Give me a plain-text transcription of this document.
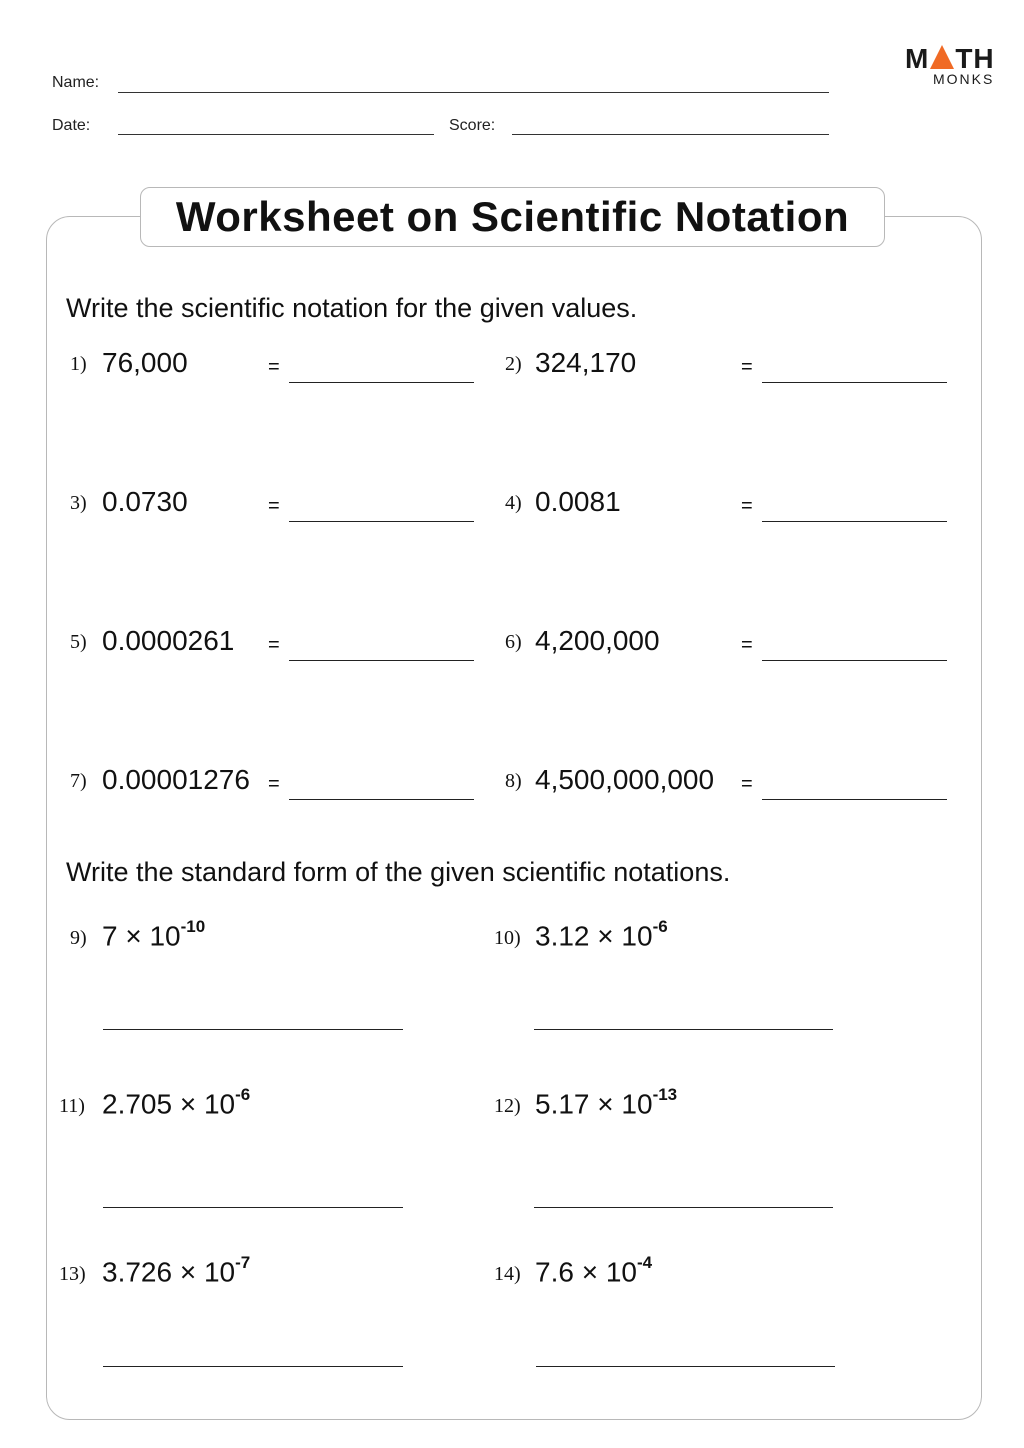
Name:
Date:	Score:
M TH
MONKS
Worksheet on Scientific Notation
Write the scientific notation for the given values.
1) 76,000	=	2) 324,170	=
3) 0.0730	=	4) 0.0081	=
5) 0.0000261 =	6) 4,200,000	=
7) 0.00001276 =	8) 4,500,000,000 =
Write the standard form of the given scientific notations.
9) $7 \times 10^{-10}$
10) $3.12 \times 10^{-6}$
11) $2.705 \times 10^{-6}$
12) $5.17 \times 10^{-13}$
13) $3.726 \times 10^{-7}$
14) $7.6 \times 10^{-4}$
